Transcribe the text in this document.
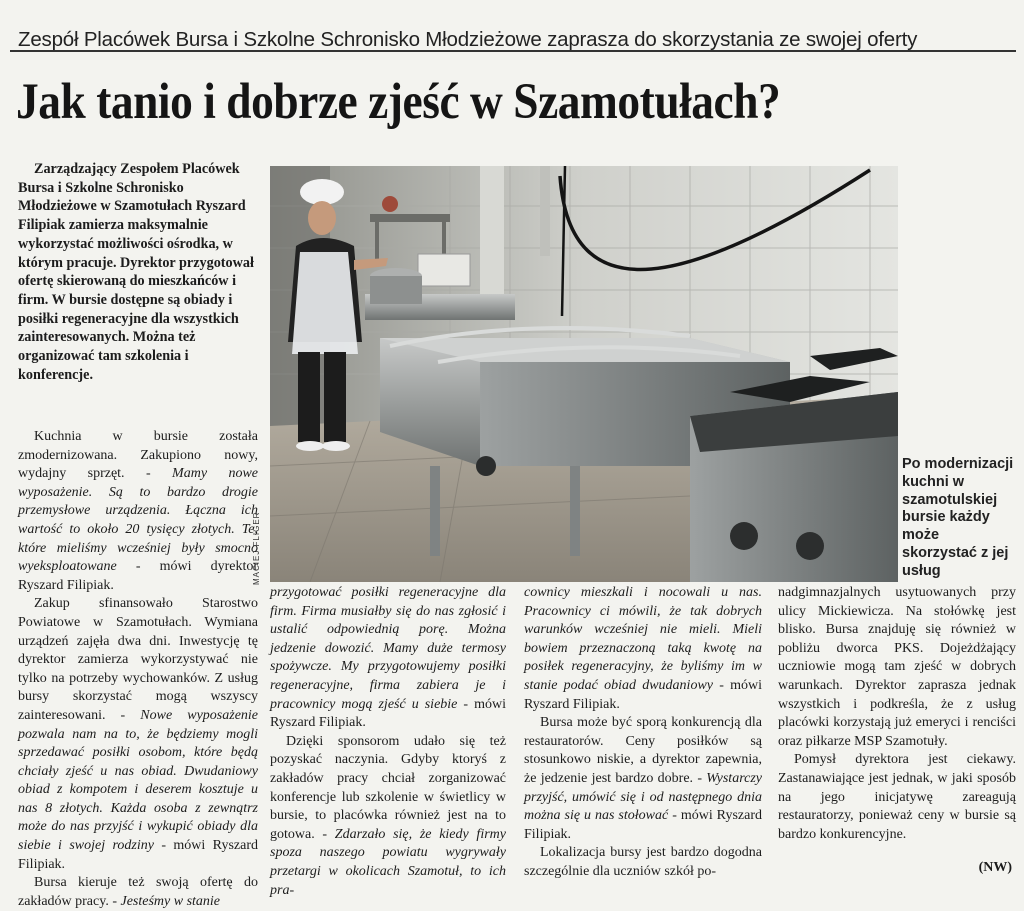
Zespół Placówek Bursa i Szkolne Schronisko Młodzieżowe zaprasza do skorzystania ze swojej oferty
Jak tanio i dobrze zjeść w Szamotułach?

Zarządzający Zespołem Placówek Bursa i Szkolne Schronisko Młodzieżowe w Szamotułach Ryszard Filipiak zamierza maksymalnie wykorzystać możliwości ośrodka, w którym pracuje. Dyrektor przygotował ofertę skierowaną do mieszkańców i firm. W bursie dostępne są obiady i posiłki regeneracyjne dla wszystkich zainteresowanych. Można też organizować tam szkolenia i konferencje.

MACIEJ FLIGER
Po modernizacji kuchni w szamotulskiej bursie każdy może skorzystać z jej usług

Kuchnia w bursie została zmodernizowana. Zakupiono nowy, wydajny sprzęt. - Mamy nowe wyposażenie. Są to bardzo drogie przemysłowe urządzenia. Łączna ich wartość to około 20 tysięcy złotych. Te, które mieliśmy wcześniej były smocno wyeksploatowane - mówi dyrektor Ryszard Filipiak.

Zakup sfinansowało Starostwo Powiatowe w Szamotułach. Wymiana urządzeń zajęła dwa dni. Inwestycję tę dyrektor zamierza wykorzystywać nie tylko na potrzeby wychowanków. Z usług bursy skorzystać mogą wszyscy zainteresowani. - Nowe wyposażenie pozwala nam na to, że będziemy mogli sprzedawać posiłki osobom, które będą chciały zjeść u nas obiad. Dwudaniowy obiad z kompotem i deserem kosztuje u nas 8 złotych. Każda osoba z zewnątrz może do nas przyjść i wykupić obiady dla siebie i swojej rodziny - mówi Ryszard Filipiak.

Bursa kieruje też swoją ofertę do zakładów pracy. - Jesteśmy w stanie

przygotować posiłki regeneracyjne dla firm. Firma musiałby się do nas zgłosić i ustalić odpowiednią porę. Można jedzenie dowozić. Mamy duże termosy spożywcze. My przygotowujemy posiłki regeneracyjne, firma zabiera je i pracownicy mogą zjeść u siebie - mówi Ryszard Filipiak.

Dzięki sponsorom udało się też pozyskać naczynia. Gdyby ktoryś z zakładów pracy chciał zorganizować konferencje lub szkolenie w świetlicy w bursie, to placówka również jest na to gotowa. - Zdarzało się, że kiedy firmy spoza naszego powiatu wygrywały przetargi w okolicach Szamotuł, to ich pra-

cownicy mieszkali i nocowali u nas. Pracownicy ci mówili, że tak dobrych warunków wcześniej nie mieli. Mieli bowiem przeznaczoną taką kwotę na posiłek regeneracyjny, że byliśmy im w stanie podać obiad dwudaniowy - mówi Ryszard Filipiak.

Bursa może być sporą konkurencją dla restauratorów. Ceny posiłków są stosunkowo niskie, a dyrektor zapewnia, że jedzenie jest bardzo dobre. - Wystarczy przyjść, umówić się i od następnego dnia można się u nas stołować - mówi Ryszard Filipiak.

Lokalizacja bursy jest bardzo dogodna szczególnie dla uczniów szkół po-

nadgimnazjalnych usytuowanych przy ulicy Mickiewicza. Na stołówkę jest blisko. Bursa znajduję się również w pobliżu dworca PKS. Dojeżdżający uczniowie mogą tam zjeść w dobrych warunkach. Dyrektor zaprasza jednak wszystkich i podkreśla, że z usług placówki korzystają już emeryci i renciści oraz piłkarze MSP Szamotuły.

Pomysł dyrektora jest ciekawy. Zastanawiające jest jednak, w jaki sposób na jego inicjatywę zareagują restauratorzy, ponieważ ceny w bursie są bardzo konkurencyjne.

(NW)
